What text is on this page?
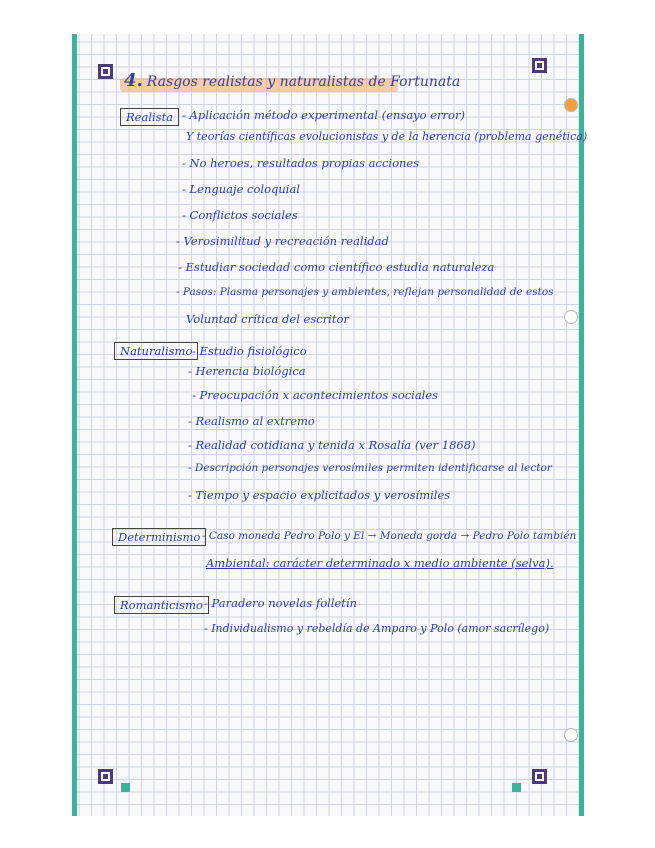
4. Rasgos realistas y naturalistas de Fortunata
Realista - Aplicación método experimental (ensayo error)

Y teorías científicas evolucionistas y de la herencia (problema genética)

- No heroes, resultados propias acciones

- Lenguaje coloquial

- Conflictos sociales

- Verosimilitud y recreación realidad

- Estudiar sociedad como científico estudia naturaleza

- Pasos: Plasma personajes y ambientes, reflejan personalidad de estos

Voluntad crítica del escritor

Naturalismo - Estudio fisiológico

- Herencia biológica

- Preocupación x acontecimientos sociales

- Realismo al extremo

- Realidad cotidiana y tenida x Rosalía (ver 1868)

- Descripción personajes verosímiles permiten identificarse al lector

- Tiempo y espacio explicitados y verosímiles

Determinismo - Caso moneda Pedro Polo y El → Moneda gorda → Pedro Polo también

Ambiental: carácter determinado x medio ambiente (selva).

Romanticismo - Paradero novelas folletín

- Individualismo y rebeldía de Amparo y Polo (amor sacrílego)
